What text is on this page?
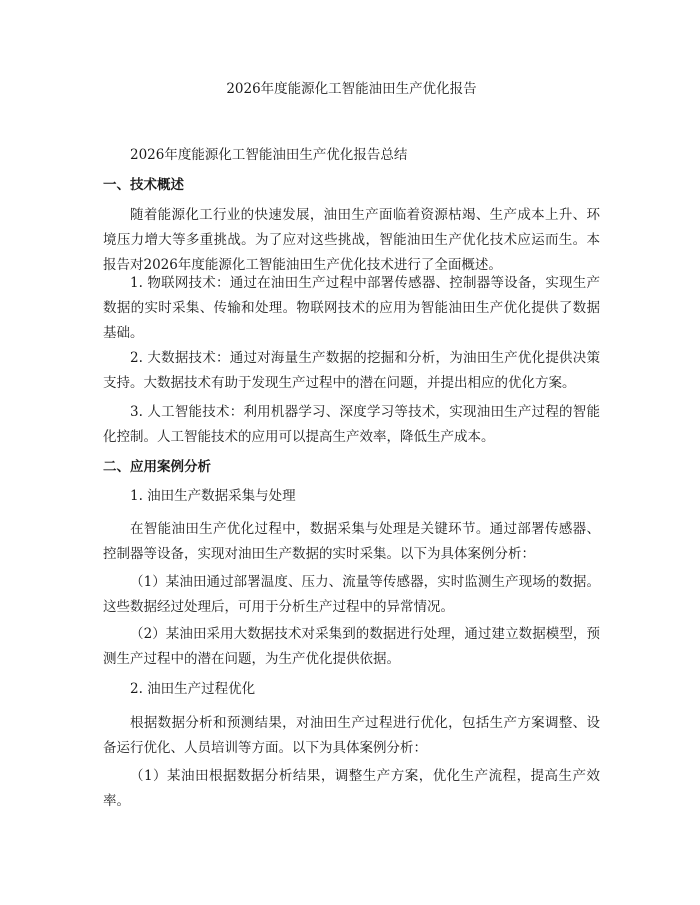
2026年度能源化工智能油田生产优化报告
2026年度能源化工智能油田生产优化报告总结
一、技术概述

随着能源化工行业的快速发展，油田生产面临着资源枯竭、生产成本上升、环境压力增大等多重挑战。为了应对这些挑战，智能油田生产优化技术应运而生。本报告对2026年度能源化工智能油田生产优化技术进行了全面概述。

1. 物联网技术：通过在油田生产过程中部署传感器、控制器等设备，实现生产数据的实时采集、传输和处理。物联网技术的应用为智能油田生产优化提供了数据基础。

2. 大数据技术：通过对海量生产数据的挖掘和分析，为油田生产优化提供决策支持。大数据技术有助于发现生产过程中的潜在问题，并提出相应的优化方案。

3. 人工智能技术：利用机器学习、深度学习等技术，实现油田生产过程的智能化控制。人工智能技术的应用可以提高生产效率，降低生产成本。

二、应用案例分析

1. 油田生产数据采集与处理

在智能油田生产优化过程中，数据采集与处理是关键环节。通过部署传感器、控制器等设备，实现对油田生产数据的实时采集。以下为具体案例分析：

（1）某油田通过部署温度、压力、流量等传感器，实时监测生产现场的数据。这些数据经过处理后，可用于分析生产过程中的异常情况。

（2）某油田采用大数据技术对采集到的数据进行处理，通过建立数据模型，预测生产过程中的潜在问题，为生产优化提供依据。

2. 油田生产过程优化

根据数据分析和预测结果，对油田生产过程进行优化，包括生产方案调整、设备运行优化、人员培训等方面。以下为具体案例分析：

（1）某油田根据数据分析结果，调整生产方案，优化生产流程，提高生产效率。
